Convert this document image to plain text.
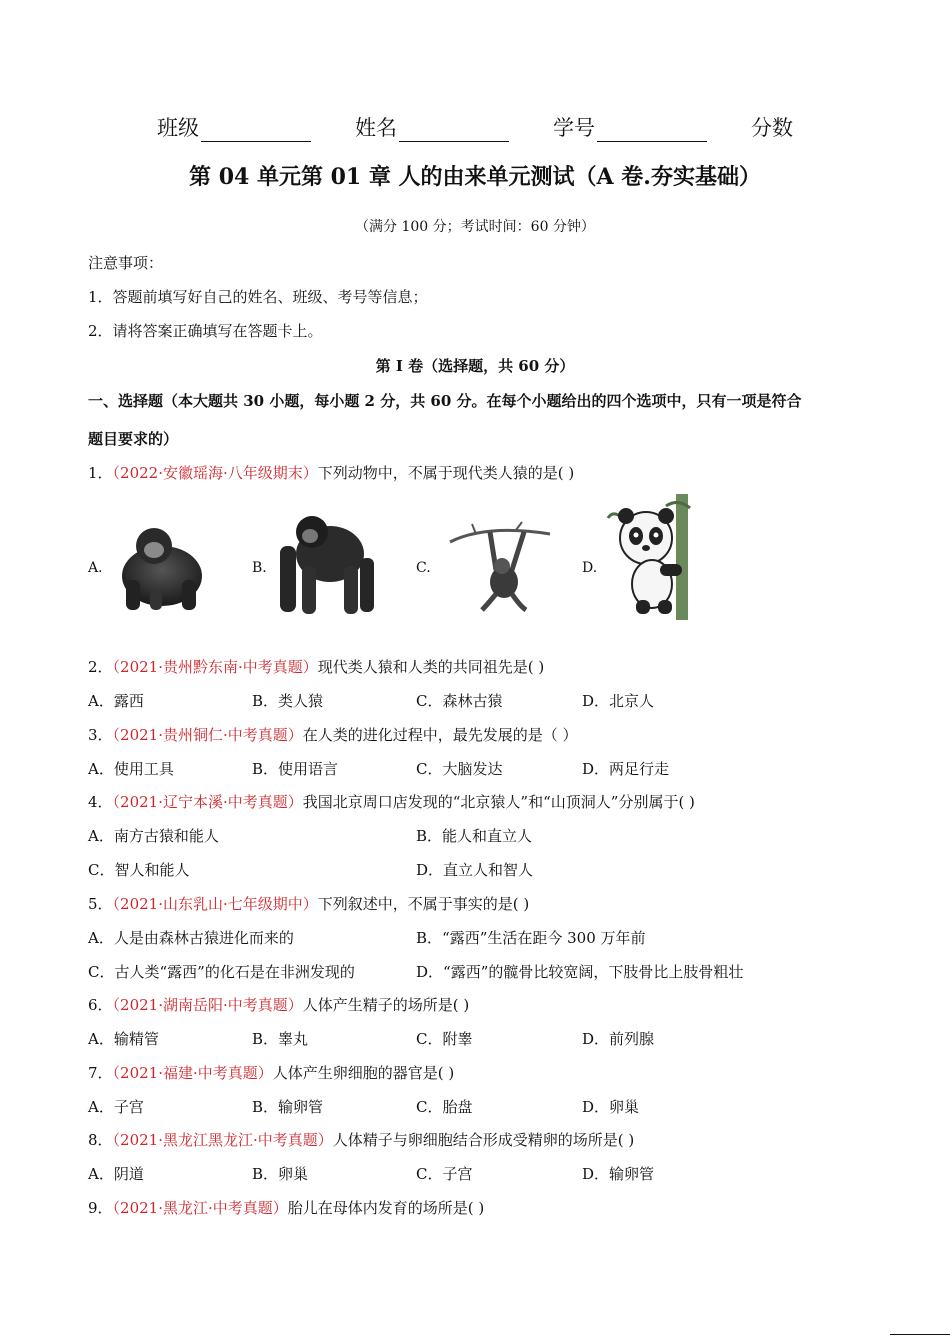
班级	姓名	学号	分数
第 04 单元第 01 章 人的由来单元测试（A 卷.夯实基础）
（满分 100 分；考试时间：60 分钟）
注意事项：
1．答题前填写好自己的姓名、班级、考号等信息；
2．请将答案正确填写在答题卡上。
第 I 卷（选择题，共 60 分）
一、选择题（本大题共 30 小题，每小题 2 分，共 60 分。在每个小题给出的四个选项中，只有一项是符合
题目要求的）
1．（2022·安徽瑶海·八年级期末）下列动物中，不属于现代类人猿的是( )
A.	B.	C.	D.
2．（2021·贵州黔东南·中考真题）现代类人猿和人类的共同祖先是( )
A．露西	B．类人猿	C．森林古猿	D．北京人
3．（2021·贵州铜仁·中考真题）在人类的进化过程中，最先发展的是（ ）
A．使用工具	B．使用语言	C．大脑发达	D．两足行走
4．（2021·辽宁本溪·中考真题）我国北京周口店发现的“北京猿人”和“山顶洞人”分别属于( )
A．南方古猿和能人	B．能人和直立人
C．智人和能人	D．直立人和智人
5．（2021·山东乳山·七年级期中）下列叙述中，不属于事实的是( )
A．人是由森林古猿进化而来的	B．“露西”生活在距今 300 万年前
C．古人类“露西”的化石是在非洲发现的	D．“露西”的髋骨比较宽阔，下肢骨比上肢骨粗壮
6．（2021·湖南岳阳·中考真题）人体产生精子的场所是( )
A．输精管	B．睾丸	C．附睾	D．前列腺
7．（2021·福建·中考真题）人体产生卵细胞的器官是( )
A．子宫	B．输卵管	C．胎盘	D．卵巢
8．（2021·黑龙江黑龙江·中考真题）人体精子与卵细胞结合形成受精卵的场所是( )
A．阴道	B．卵巢	C．子宫	D．输卵管
9．（2021·黑龙江·中考真题）胎儿在母体内发育的场所是( )
